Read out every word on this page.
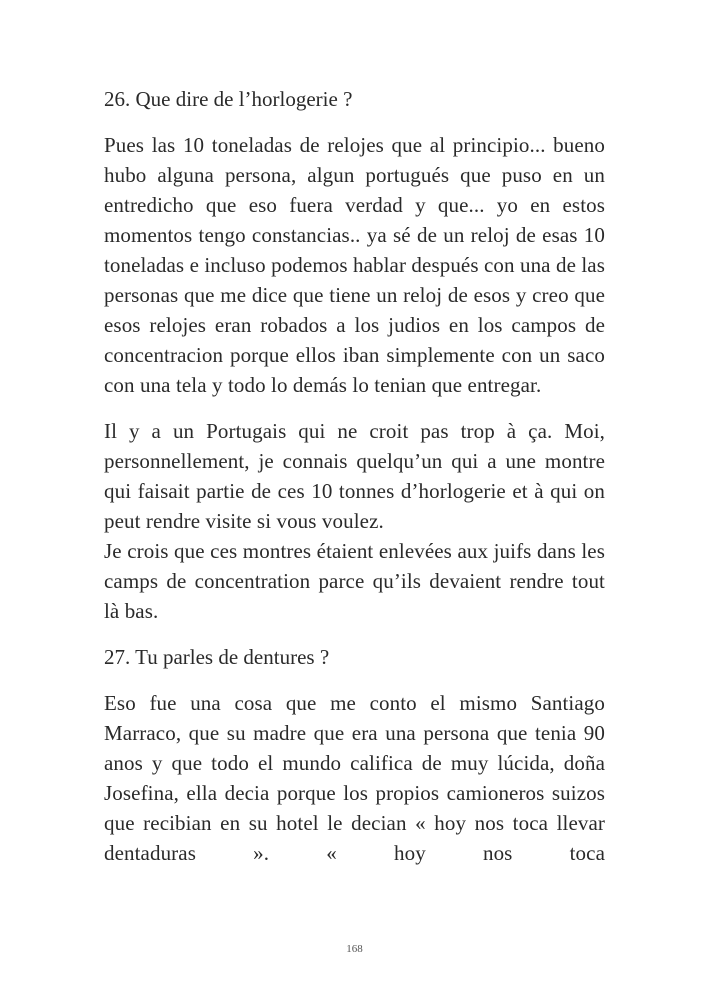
26. Que dire de l’horlogerie ?
Pues las 10 toneladas de relojes que al principio... bueno hubo alguna persona, algun portugués que puso en un entredicho que eso fuera verdad y que... yo en estos momentos tengo constancias.. ya sé de un reloj de esas 10 toneladas e incluso podemos hablar después con una de las personas que me dice que tiene un reloj de esos y creo que esos relojes eran robados a los judios en los campos de concentracion porque ellos iban simplemente con un saco con una tela y todo lo demás lo tenian que entregar.
Il y a un Portugais qui ne croit pas trop à ça. Moi, personnellement, je connais quelqu’un qui a une montre qui faisait partie de ces 10 tonnes d’horlogerie et à qui on peut rendre visite si vous voulez.
Je crois que ces montres étaient enlevées aux juifs dans les camps de concentration parce qu’ils devaient rendre tout là bas.
27. Tu parles de dentures ?
Eso fue una cosa que me conto el mismo Santiago Marraco, que su madre que era una persona que tenia 90 anos y que todo el mundo califica de muy lúcida, doña Josefina, ella decia porque los propios camioneros suizos que recibian en su hotel le decian « hoy nos toca llevar dentaduras ». « hoy nos toca
168
